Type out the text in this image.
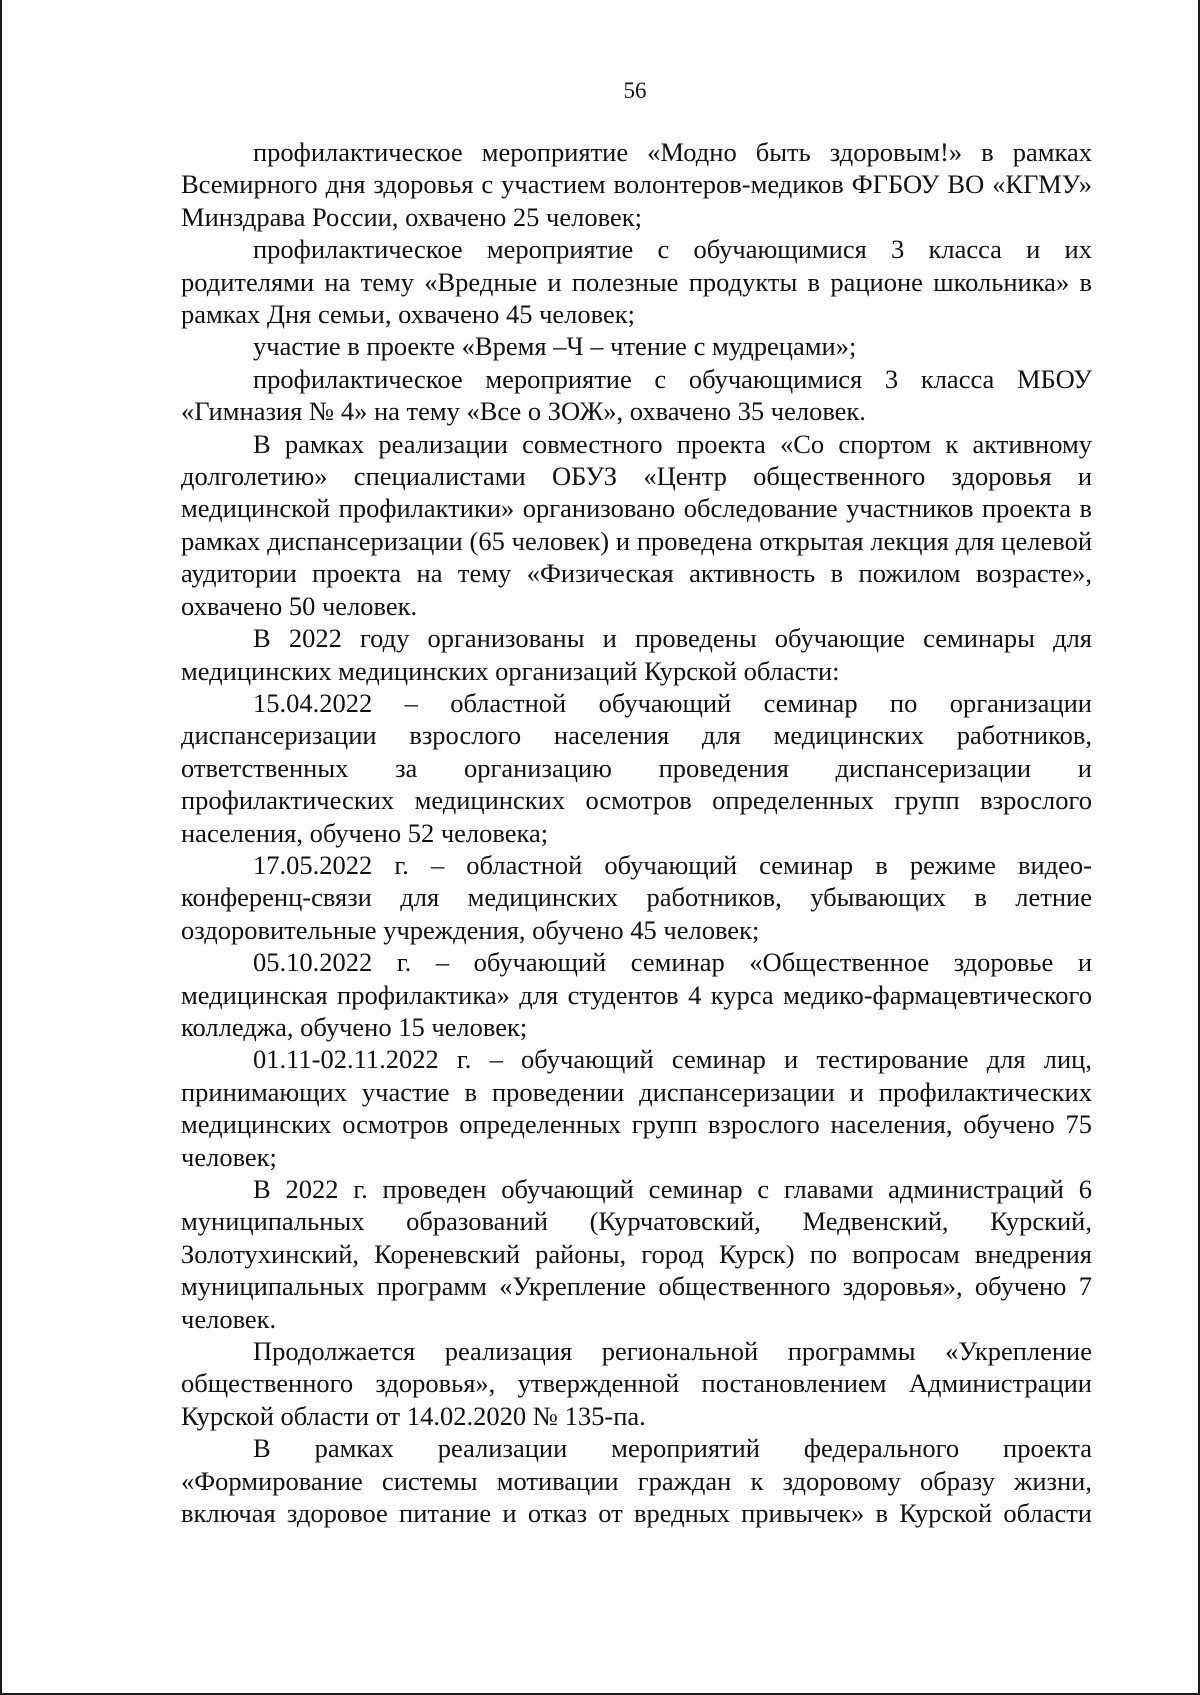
56

профилактическое мероприятие «Модно быть здоровым!» в рамках Всемирного дня здоровья с участием волонтеров-медиков ФГБОУ ВО «КГМУ» Минздрава России, охвачено 25 человек;

профилактическое мероприятие с обучающимися 3 класса и их родителями на тему «Вредные и полезные продукты в рационе школьника» в рамках Дня семьи, охвачено 45 человек;

участие в проекте «Время –Ч – чтение с мудрецами»;

профилактическое мероприятие с обучающимися 3 класса МБОУ «Гимназия № 4» на тему «Все о ЗОЖ», охвачено 35 человек.

В рамках реализации совместного проекта «Со спортом к активному долголетию» специалистами ОБУЗ «Центр общественного здоровья и медицинской профилактики» организовано обследование участников проекта в рамках диспансеризации (65 человек) и проведена открытая лекция для целевой аудитории проекта на тему «Физическая активность в пожилом возрасте», охвачено 50 человек.

В 2022 году организованы и проведены обучающие семинары для медицинских медицинских организаций Курской области:

15.04.2022 – областной обучающий семинар по организации диспансеризации взрослого населения для медицинских работников, ответственных за организацию проведения диспансеризации и профилактических медицинских осмотров определенных групп взрослого населения, обучено 52 человека;

17.05.2022 г. – областной обучающий семинар в режиме видео-конференц-связи для медицинских работников, убывающих в летние оздоровительные учреждения, обучено 45 человек;

05.10.2022 г. – обучающий семинар «Общественное здоровье и медицинская профилактика» для студентов 4 курса медико-фармацевтического колледжа, обучено 15 человек;

01.11-02.11.2022 г. – обучающий семинар и тестирование для лиц, принимающих участие в проведении диспансеризации и профилактических медицинских осмотров определенных групп взрослого населения, обучено 75 человек;

В 2022 г. проведен обучающий семинар с главами администраций 6 муниципальных образований (Курчатовский, Медвенский, Курский, Золотухинский, Кореневский районы, город Курск) по вопросам внедрения муниципальных программ «Укрепление общественного здоровья», обучено 7 человек.

Продолжается реализация региональной программы «Укрепление общественного здоровья», утвержденной постановлением Администрации Курской области от 14.02.2020 № 135-па.

В рамках реализации мероприятий федерального проекта «Формирование системы мотивации граждан к здоровому образу жизни, включая здоровое питание и отказ от вредных привычек» в Курской области
